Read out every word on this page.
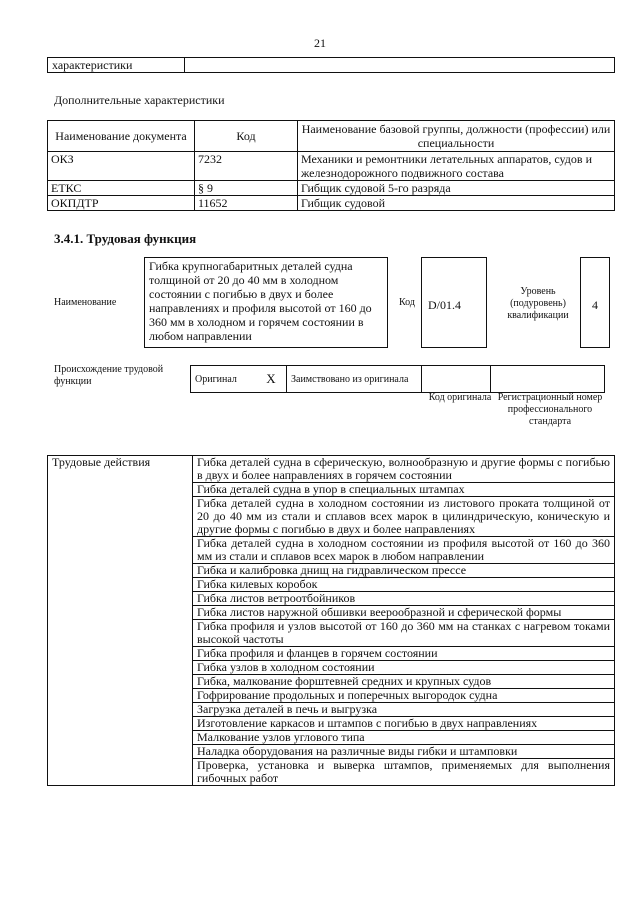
21
характеристики	
Дополнительные характеристики
Наименование документа	Код	Наименование базовой группы, должности (профессии) или специальности
ОКЗ	7232	Механики и ремонтники летательных аппаратов, судов и железнодорожного подвижного состава
ЕТКС	§ 9	Гибщик судовой 5-го разряда
ОКПДТР	11652	Гибщик судовой
3.4.1. Трудовая функция
Наименование
Гибка крупногабаритных деталей судна толщиной от 20 до 40 мм в холодном состоянии с погибью в двух и более направлениях и профиля высотой от 160 до 360 мм в холодном и горячем состоянии в любом направлении
Код	D/01.4
Уровень (подуровень) квалификации
4
Происхождение трудовой функции	Оригинал	X	Заимствовано из оригинала		
Код оригинала Регистрационный номер профессионального стандарта
Трудовые действия	Гибка деталей судна в сферическую, волнообразную и другие формы с погибью в двух и более направлениях в горячем состоянии
Гибка деталей судна в упор в специальных штампах
Гибка деталей судна в холодном состоянии из листового проката толщиной от 20 до 40 мм из стали и сплавов всех марок в цилиндрическую, коническую и другие формы с погибью в двух и более направлениях
Гибка деталей судна в холодном состоянии из профиля высотой от 160 до 360 мм из стали и сплавов всех марок в любом направлении
Гибка и калибровка днищ на гидравлическом прессе
Гибка килевых коробок
Гибка листов ветроотбойников
Гибка листов наружной обшивки веерообразной и сферической формы
Гибка профиля и узлов высотой от 160 до 360 мм на станках с нагревом токами высокой частоты
Гибка профиля и фланцев в горячем состоянии
Гибка узлов в холодном состоянии
Гибка, малкование форштевней средних и крупных судов
Гофрирование продольных и поперечных выгородок судна
Загрузка деталей в печь и выгрузка
Изготовление каркасов и штампов с погибью в двух направлениях
Малкование узлов углового типа
Наладка оборудования на различные виды гибки и штамповки
Проверка, установка и выверка штампов, применяемых для выполнения гибочных работ
